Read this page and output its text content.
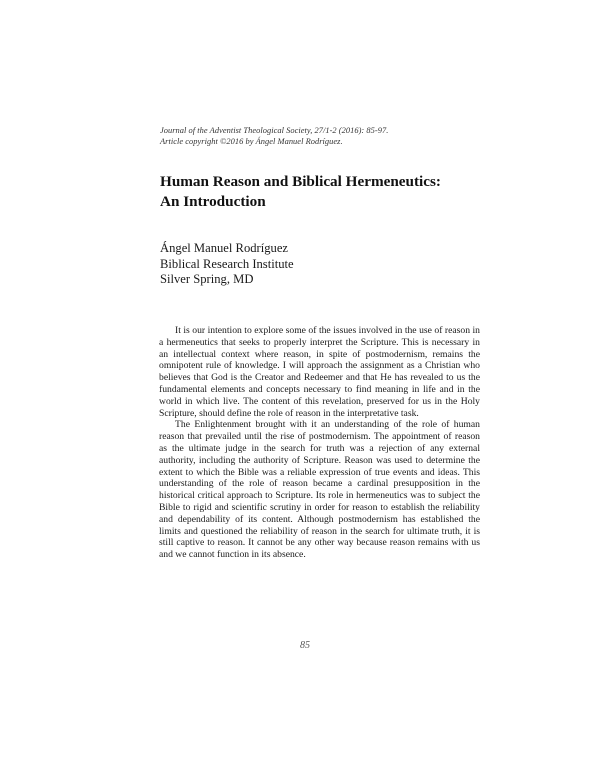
Journal of the Adventist Theological Society, 27/1-2 (2016): 85-97.
Article copyright ©2016 by Ángel Manuel Rodríguez.
Human Reason and Biblical Hermeneutics:
An Introduction
Ángel Manuel Rodríguez
Biblical Research Institute
Silver Spring, MD

It is our intention to explore some of the issues involved in the use of reason in a hermeneutics that seeks to properly interpret the Scripture. This is necessary in an intellectual context where reason, in spite of postmodernism, remains the omnipotent rule of knowledge. I will approach the assignment as a Christian who believes that God is the Creator and Redeemer and that He has revealed to us the fundamental elements and concepts necessary to find meaning in life and in the world in which live. The content of this revelation, preserved for us in the Holy Scripture, should define the role of reason in the interpretative task.

The Enlightenment brought with it an understanding of the role of human reason that prevailed until the rise of postmodernism. The appointment of reason as the ultimate judge in the search for truth was a rejection of any external authority, including the authority of Scripture. Reason was used to determine the extent to which the Bible was a reliable expression of true events and ideas. This understanding of the role of reason became a cardinal presupposition in the historical critical approach to Scripture. Its role in hermeneutics was to subject the Bible to rigid and scientific scrutiny in order for reason to establish the reliability and dependability of its content. Although postmodernism has established the limits and questioned the reliability of reason in the search for ultimate truth, it is still captive to reason. It cannot be any other way because reason remains with us and we cannot function in its absence.

85
